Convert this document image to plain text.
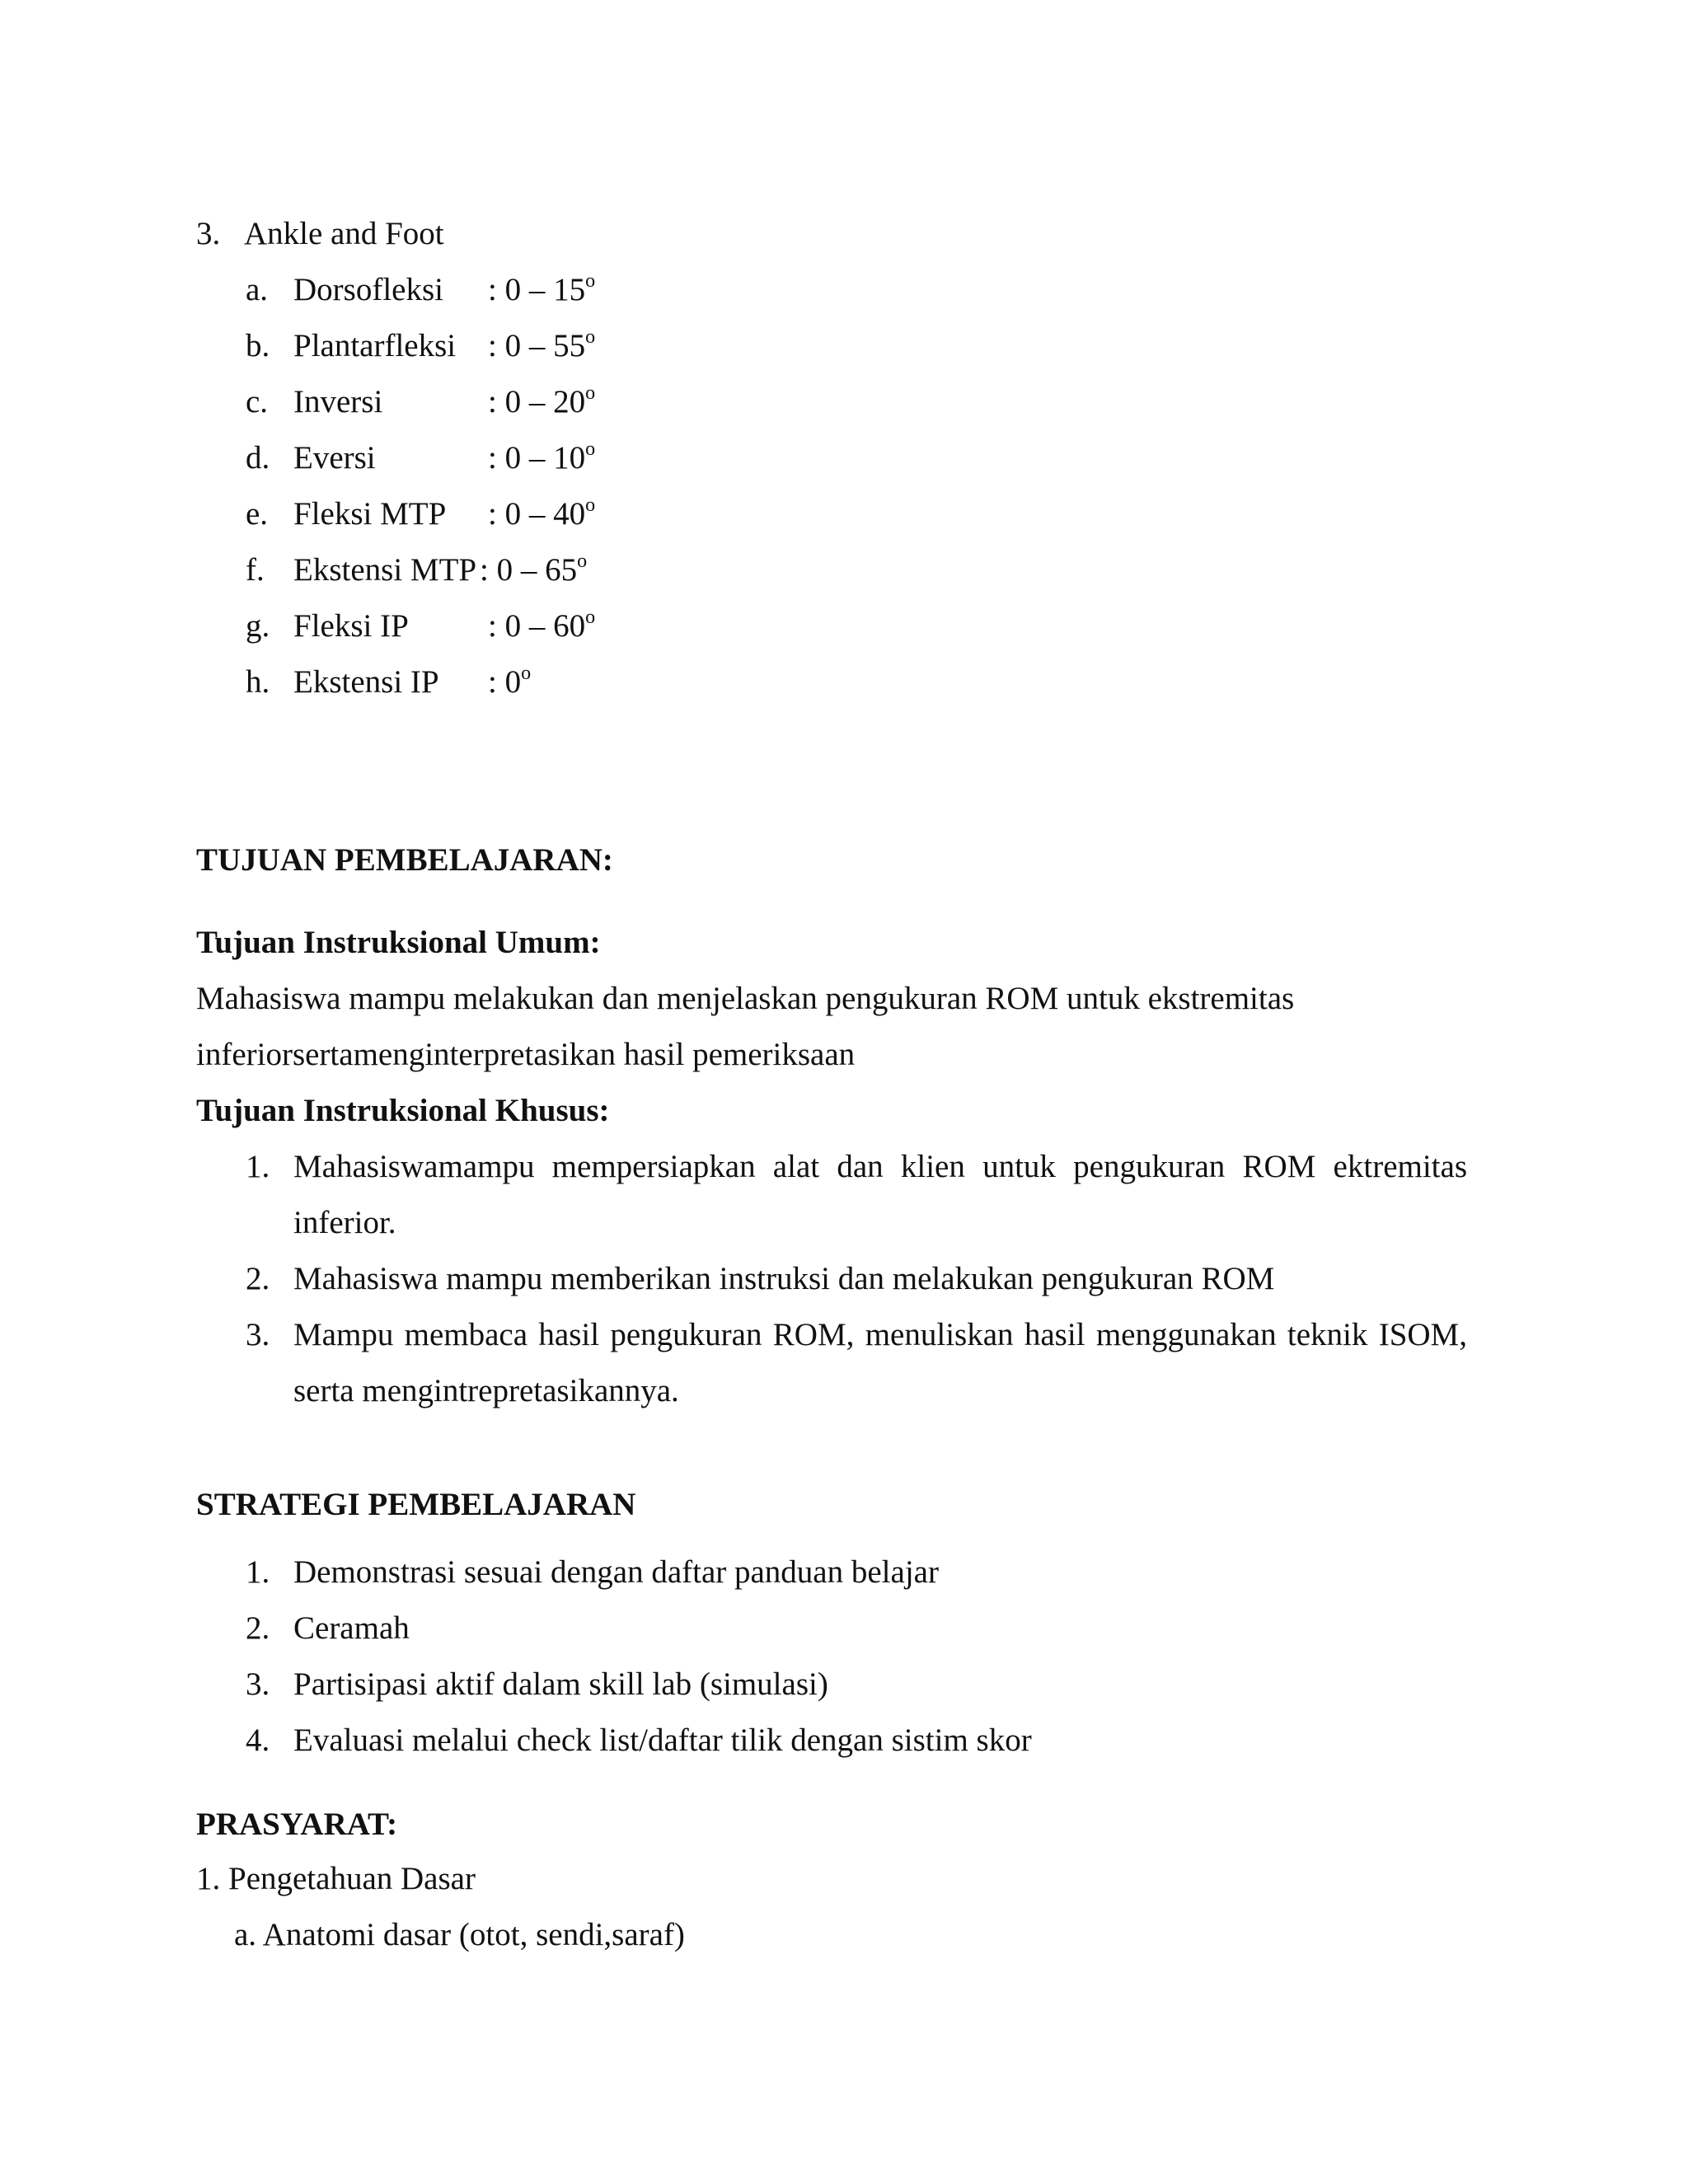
3. Ankle and Foot
a. Dorsofleksi : 0 – 15$^o$
b. Plantarfleksi : 0 – 55$^o$
c. Inversi	: 0 – 20$^o$
d. Eversi	: 0 – 10$^o$
e. Fleksi MTP : 0 – 40$^o$
f. Ekstensi MTP : 0 – 65$^o$
g. Fleksi IP : 0 – 60$^o$
h. Ekstensi IP : 0$^o$
TUJUAN PEMBELAJARAN:
Tujuan Instruksional Umum:
Mahasiswa mampu melakukan dan menjelaskan pengukuran ROM untuk ekstremitas
inferiorsertamenginterpretasikan hasil pemeriksaan
Tujuan Instruksional Khusus:
1. Mahasiswamampu mempersiapkan alat dan klien untuk pengukuran ROM ektremitas
inferior.
2. Mahasiswa mampu memberikan instruksi dan melakukan pengukuran ROM
3. Mampu membaca hasil pengukuran ROM, menuliskan hasil menggunakan teknik ISOM,
serta mengintrepretasikannya.
STRATEGI PEMBELAJARAN
1. Demonstrasi sesuai dengan daftar panduan belajar
2. Ceramah
3. Partisipasi aktif dalam skill lab (simulasi)
4. Evaluasi melalui check list/daftar tilik dengan sistim skor
PRASYARAT:
1. Pengetahuan Dasar
a. Anatomi dasar (otot, sendi,saraf)
